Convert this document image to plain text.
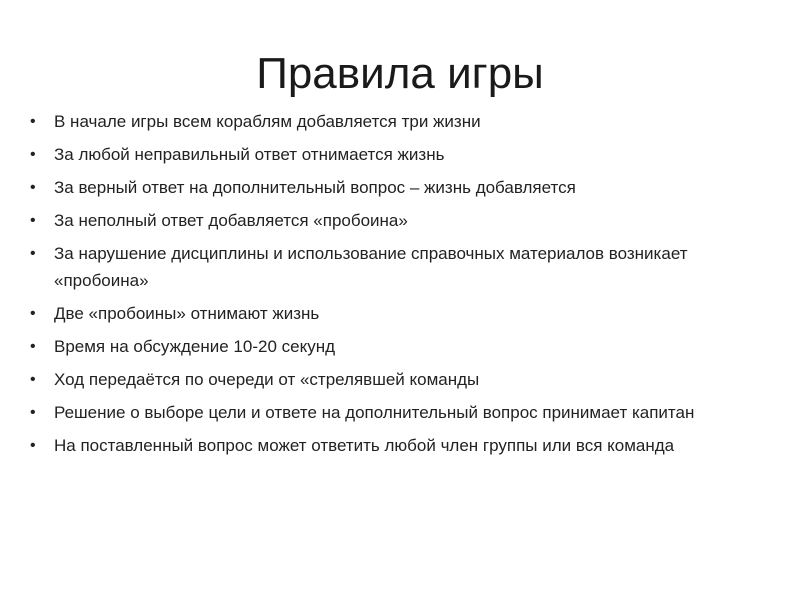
Правила игры
•	В начале игры всем кораблям добавляется три жизни
•	За любой неправильный ответ отнимается жизнь
•	За верный ответ на дополнительный вопрос – жизнь добавляется
•	За неполный ответ добавляется «пробоина»
•	За нарушение дисциплины и использование справочных материалов возникает «пробоина»
•	Две «пробоины» отнимают жизнь
•	Время на обсуждение 10-20 секунд
•	Ход передаётся по очереди от «стрелявшей команды
•	Решение о выборе цели и ответе на дополнительный вопрос принимает капитан
•	На поставленный вопрос может ответить любой член группы или вся команда
